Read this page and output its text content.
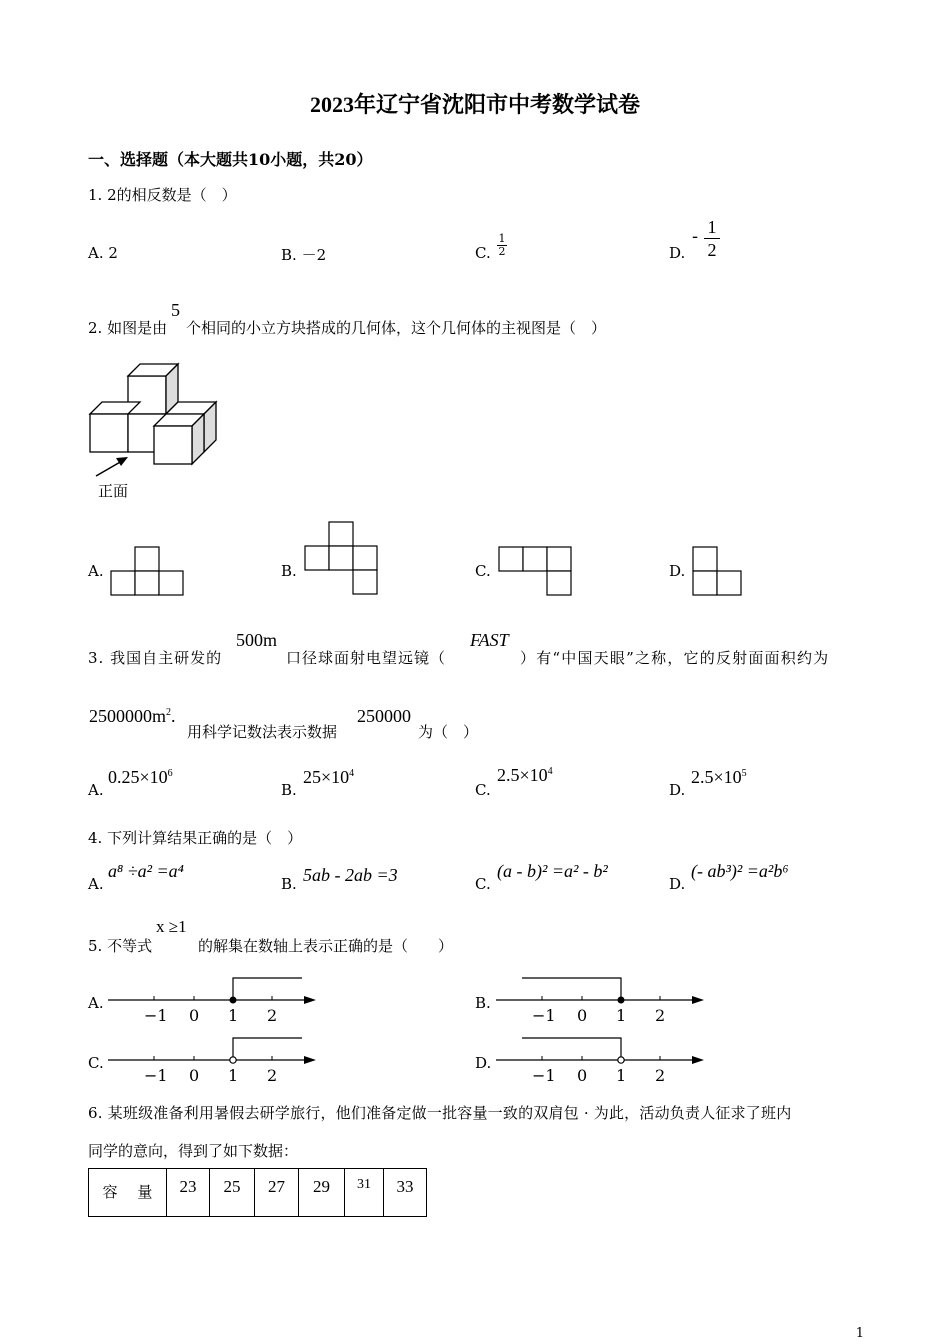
2023年辽宁省沈阳市中考数学试卷
一、选择题（本大题共10小题，共20）
1. 2的相反数是（　）
A. 2	B. －2	C. $\frac{1}{2}$	D.
- $\frac{1}{2}$
2. 如图是由
5
个相同的小立方块搭成的几何体，这个几何体的主视图是（　）
正面
A.	B.	C.	D.
3. 我国自主研发的
500m
口径球面射电望远镜（
FAST
）有“中国天眼”之称，它的反射面面积约为
$2500000m^2$.
用科学记数法表示数据
250000
为（　）
A.
$0.25\times 10^6$
B.
$25\times 10^4$
C.
$2.5\times 10^4$
D.
$2.5\times 10^5$
4. 下列计算结果正确的是（　）
A.
a⁸ ÷a² =a⁴
B. 5ab - 2ab =3	C.
(a - b)² =a² - b²
D.
(- ab³)² =a²b⁶
5. 不等式
x ≥1
的解集在数轴上表示正确的是（　　）
A.
−1 0 1 2
B.
−1 0 1 2
C.
−1 0 1 2
D.
−1 0 1 2
6. 某班级准备利用暑假去研学旅行，他们准备定做一批容量一致的双肩包 · 为此，活动负责人征求了班内
同学的意向，得到了如下数据：
容　 量	23	25	27	29	31	33
1
